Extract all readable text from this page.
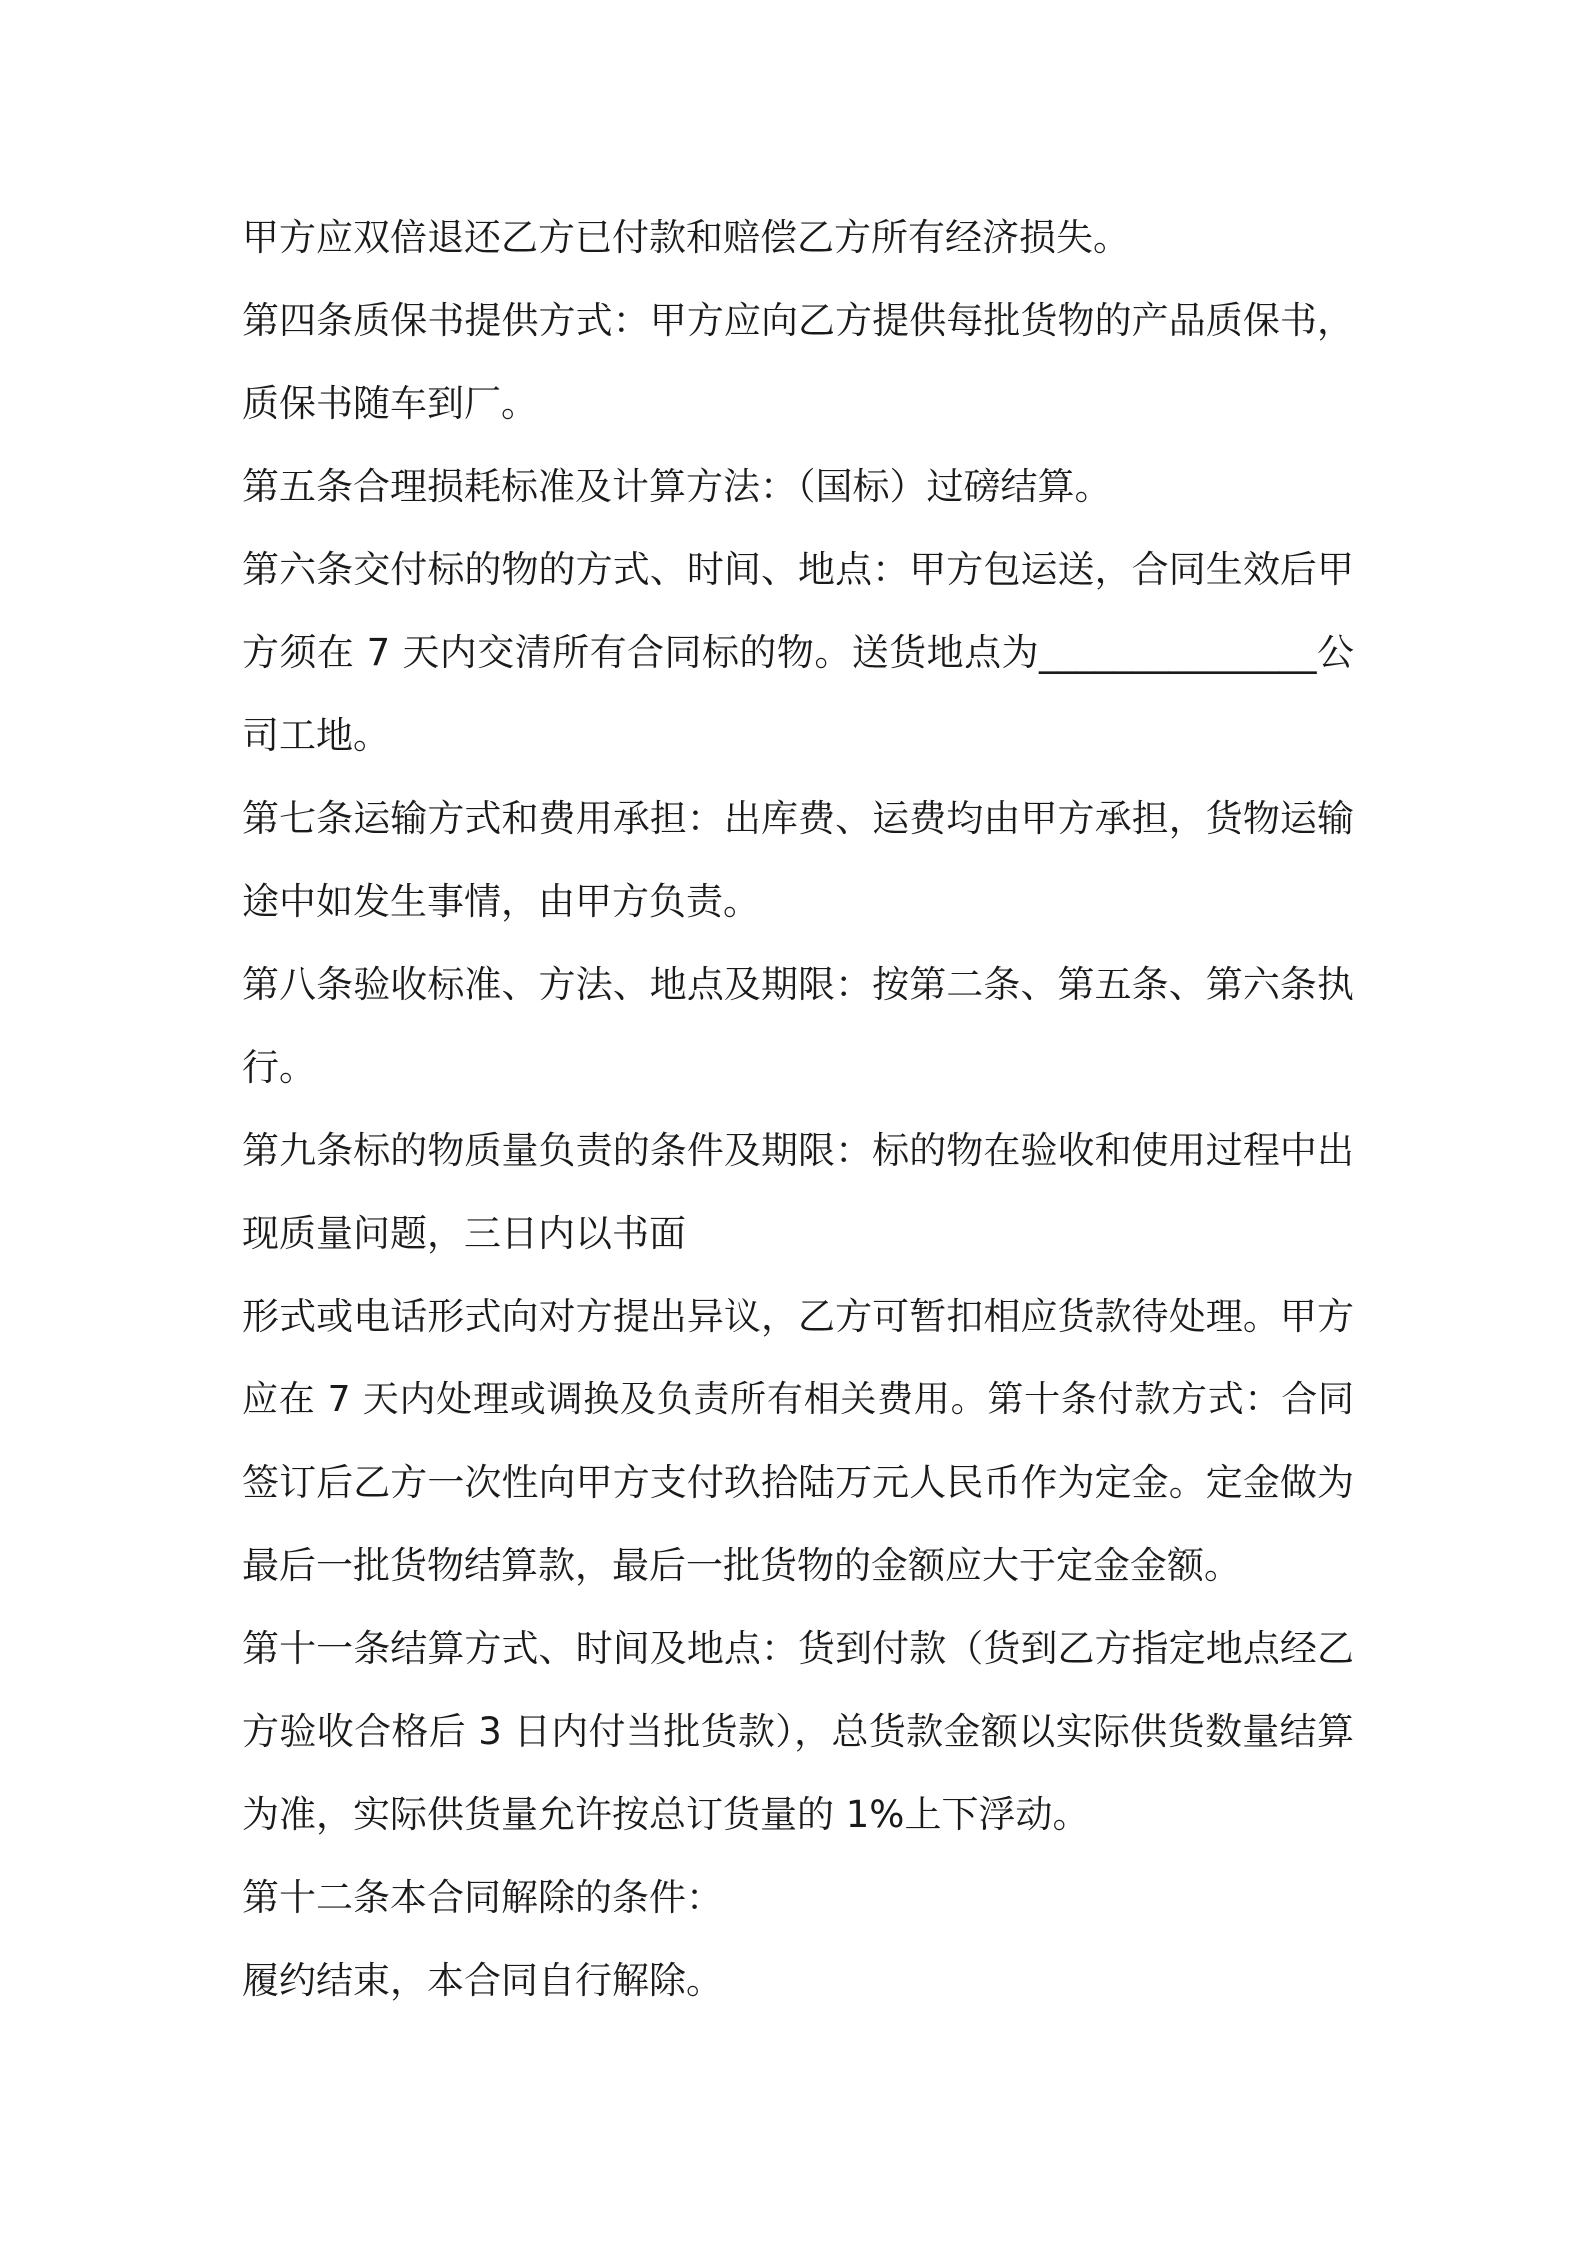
甲方应双倍退还乙方已付款和赔偿乙方所有经济损失。
第四条质保书提供方式：甲方应向乙方提供每批货物的产品质保书，
质保书随车到厂。
第五条合理损耗标准及计算方法：（国标）过磅结算。
第六条交付标的物的方式、时间、地点：甲方包运送，合同生效后甲
方须在 7 天内交清所有合同标的物。送货地点为_______________公
司工地。
第七条运输方式和费用承担：出库费、运费均由甲方承担，货物运输
途中如发生事情，由甲方负责。
第八条验收标准、方法、地点及期限：按第二条、第五条、第六条执
行。
第九条标的物质量负责的条件及期限：标的物在验收和使用过程中出
现质量问题，三日内以书面
形式或电话形式向对方提出异议，乙方可暂扣相应货款待处理。甲方
应在 7 天内处理或调换及负责所有相关费用。第十条付款方式：合同
签订后乙方一次性向甲方支付玖拾陆万元人民币作为定金。定金做为
最后一批货物结算款，最后一批货物的金额应大于定金金额。
第十一条结算方式、时间及地点：货到付款（货到乙方指定地点经乙
方验收合格后 3 日内付当批货款），总货款金额以实际供货数量结算
为准，实际供货量允许按总订货量的 1%上下浮动。
第十二条本合同解除的条件：
履约结束，本合同自行解除。
